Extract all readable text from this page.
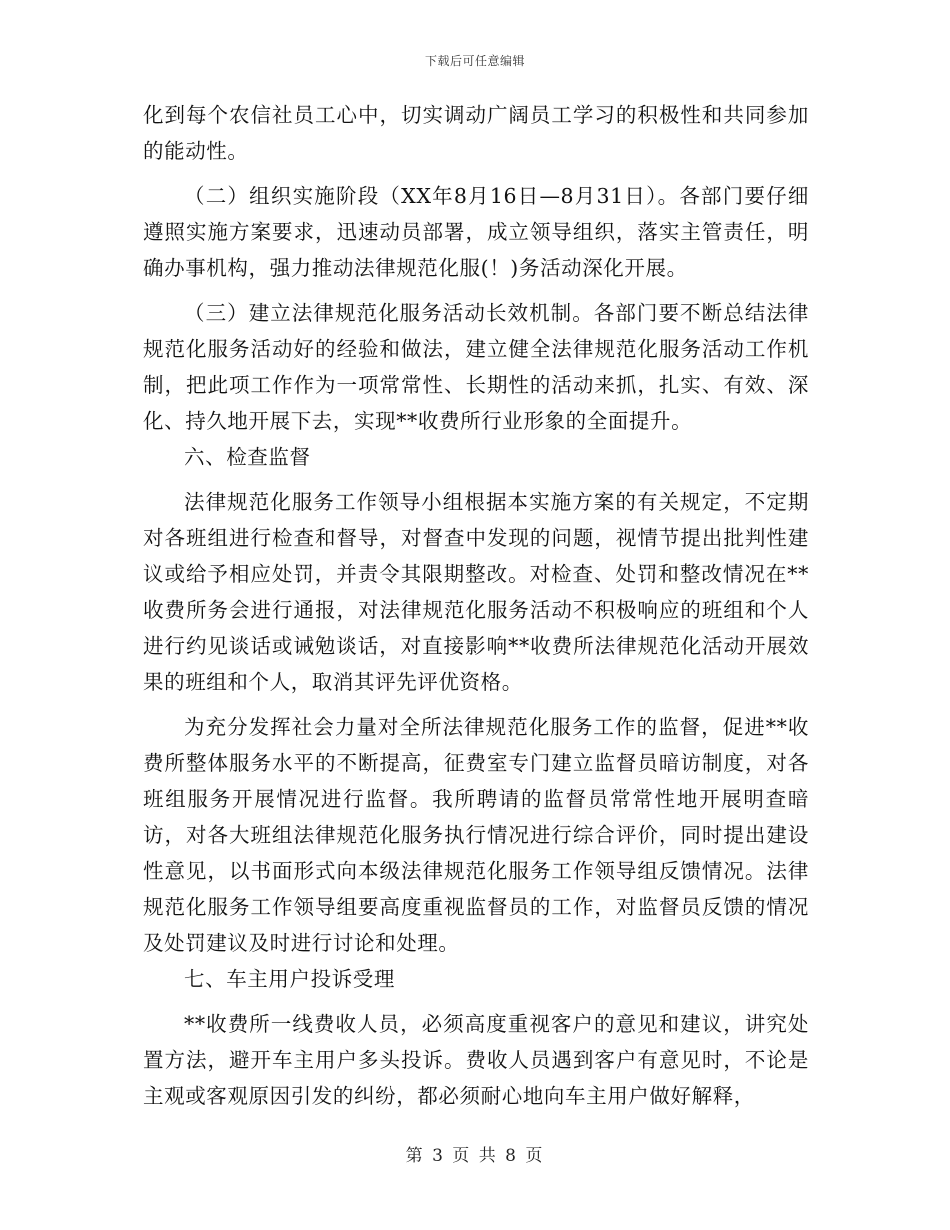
下载后可任意编辑

化到每个农信社员工心中，切实调动广阔员工学习的积极性和共同参加的能动性。

（二）组织实施阶段（XX年8月16日—8月31日）。各部门要仔细遵照实施方案要求，迅速动员部署，成立领导组织，落实主管责任，明确办事机构，强力推动法律规范化服(！)务活动深化开展。

（三）建立法律规范化服务活动长效机制。各部门要不断总结法律规范化服务活动好的经验和做法，建立健全法律规范化服务活动工作机制，把此项工作作为一项常常性、长期性的活动来抓，扎实、有效、深化、持久地开展下去，实现**收费所行业形象的全面提升。

六、检查监督

法律规范化服务工作领导小组根据本实施方案的有关规定，不定期对各班组进行检查和督导，对督查中发现的问题，视情节提出批判性建议或给予相应处罚，并责令其限期整改。对检查、处罚和整改情况在**收费所务会进行通报，对法律规范化服务活动不积极响应的班组和个人进行约见谈话或诫勉谈话，对直接影响**收费所法律规范化活动开展效果的班组和个人，取消其评先评优资格。

为充分发挥社会力量对全所法律规范化服务工作的监督，促进**收费所整体服务水平的不断提高，征费室专门建立监督员暗访制度，对各班组服务开展情况进行监督。我所聘请的监督员常常性地开展明查暗访，对各大班组法律规范化服务执行情况进行综合评价，同时提出建设性意见，以书面形式向本级法律规范化服务工作领导组反馈情况。法律规范化服务工作领导组要高度重视监督员的工作，对监督员反馈的情况及处罚建议及时进行讨论和处理。

七、车主用户投诉受理

**收费所一线费收人员，必须高度重视客户的意见和建议，讲究处置方法，避开车主用户多头投诉。费收人员遇到客户有意见时，不论是主观或客观原因引发的纠纷，都必须耐心地向车主用户做好解释，

第 3 页 共 8 页
